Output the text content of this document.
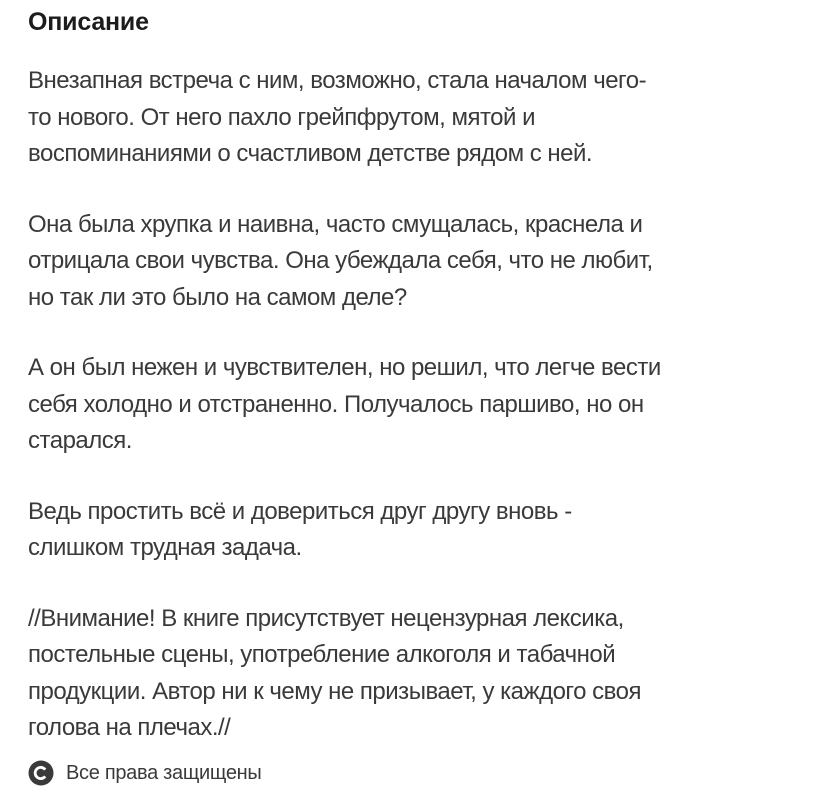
Описание

Внезапная встреча с ним, возможно, стала началом чего-
то нового. От него пахло грейпфрутом, мятой и
воспоминаниями о счастливом детстве рядом с ней.

Она была хрупка и наивна, часто смущалась, краснела и
отрицала свои чувства. Она убеждала себя, что не любит,
но так ли это было на самом деле?

А он был нежен и чувствителен, но решил, что легче вести
себя холодно и отстраненно. Получалось паршиво, но он
старался.

Ведь простить всё и довериться друг другу вновь -
слишком трудная задача.

//Внимание! В книге присутствует нецензурная лексика,
постельные сцены, употребление алкоголя и табачной
продукции. Автор ни к чему не призывает, у каждого своя
голова на плечах.//

Все права защищены
